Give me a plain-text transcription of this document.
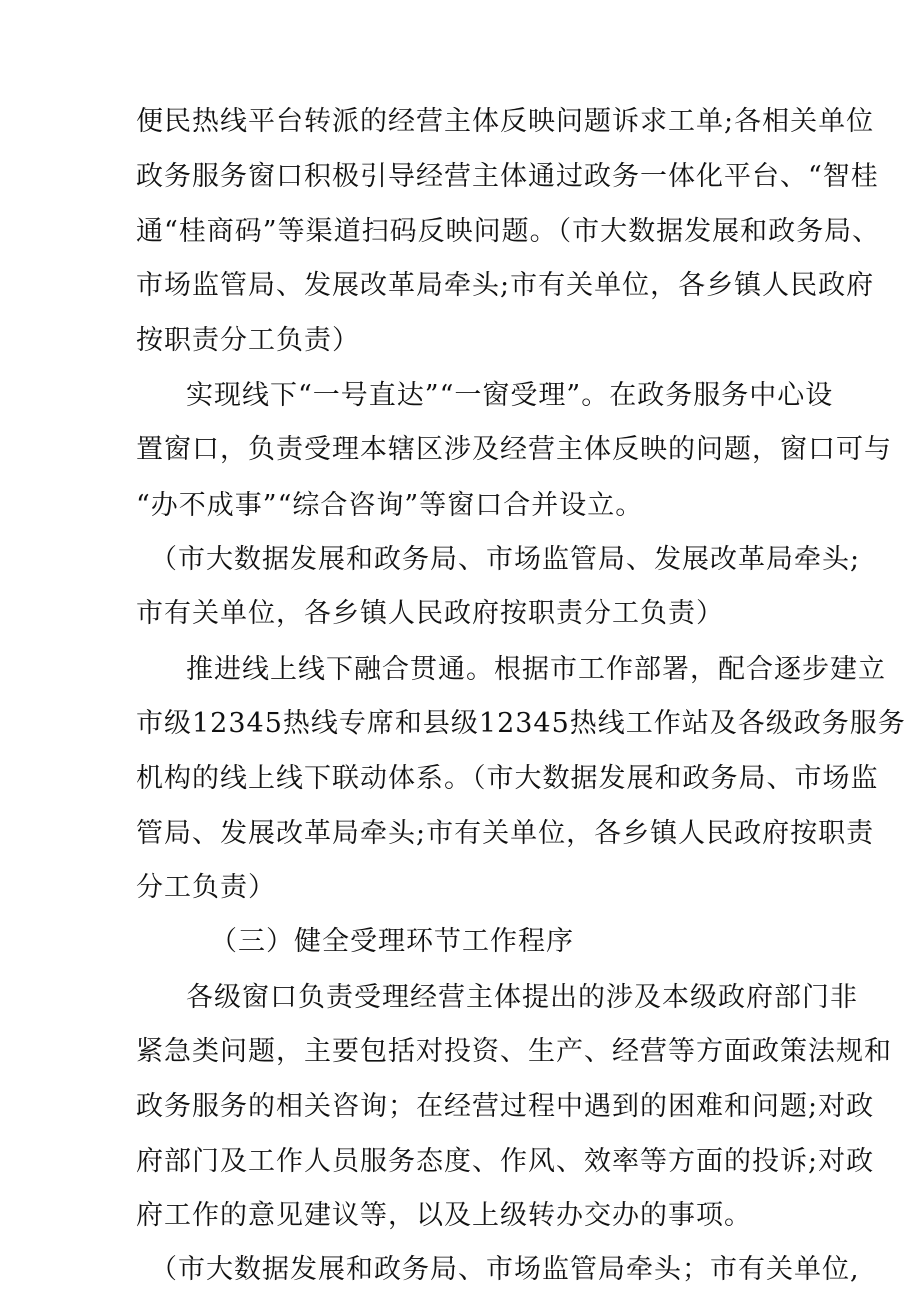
便民热线平台转派的经营主体反映问题诉求工单;各相关单位
政务服务窗口积极引导经营主体通过政务一体化平台、“智桂
通“桂商码”等渠道扫码反映问题。（市大数据发展和政务局、
市场监管局、发展改革局牵头;市有关单位，各乡镇人民政府
按职责分工负责）
实现线下“一号直达”“一窗受理”。在政务服务中心设
置窗口，负责受理本辖区涉及经营主体反映的问题，窗口可与
“办不成事”“综合咨询”等窗口合并设立。
（市大数据发展和政务局、市场监管局、发展改革局牵头;
市有关单位，各乡镇人民政府按职责分工负责）
推进线上线下融合贯通。根据市工作部署，配合逐步建立
市级12345热线专席和县级12345热线工作站及各级政务服务
机构的线上线下联动体系。（市大数据发展和政务局、市场监
管局、发展改革局牵头;市有关单位，各乡镇人民政府按职责
分工负责）
（三）健全受理环节工作程序
各级窗口负责受理经营主体提出的涉及本级政府部门非
紧急类问题，主要包括对投资、生产、经营等方面政策法规和
政务服务的相关咨询；在经营过程中遇到的困难和问题;对政
府部门及工作人员服务态度、作风、效率等方面的投诉;对政
府工作的意见建议等，以及上级转办交办的事项。
（市大数据发展和政务局、市场监管局牵头；市有关单位,
